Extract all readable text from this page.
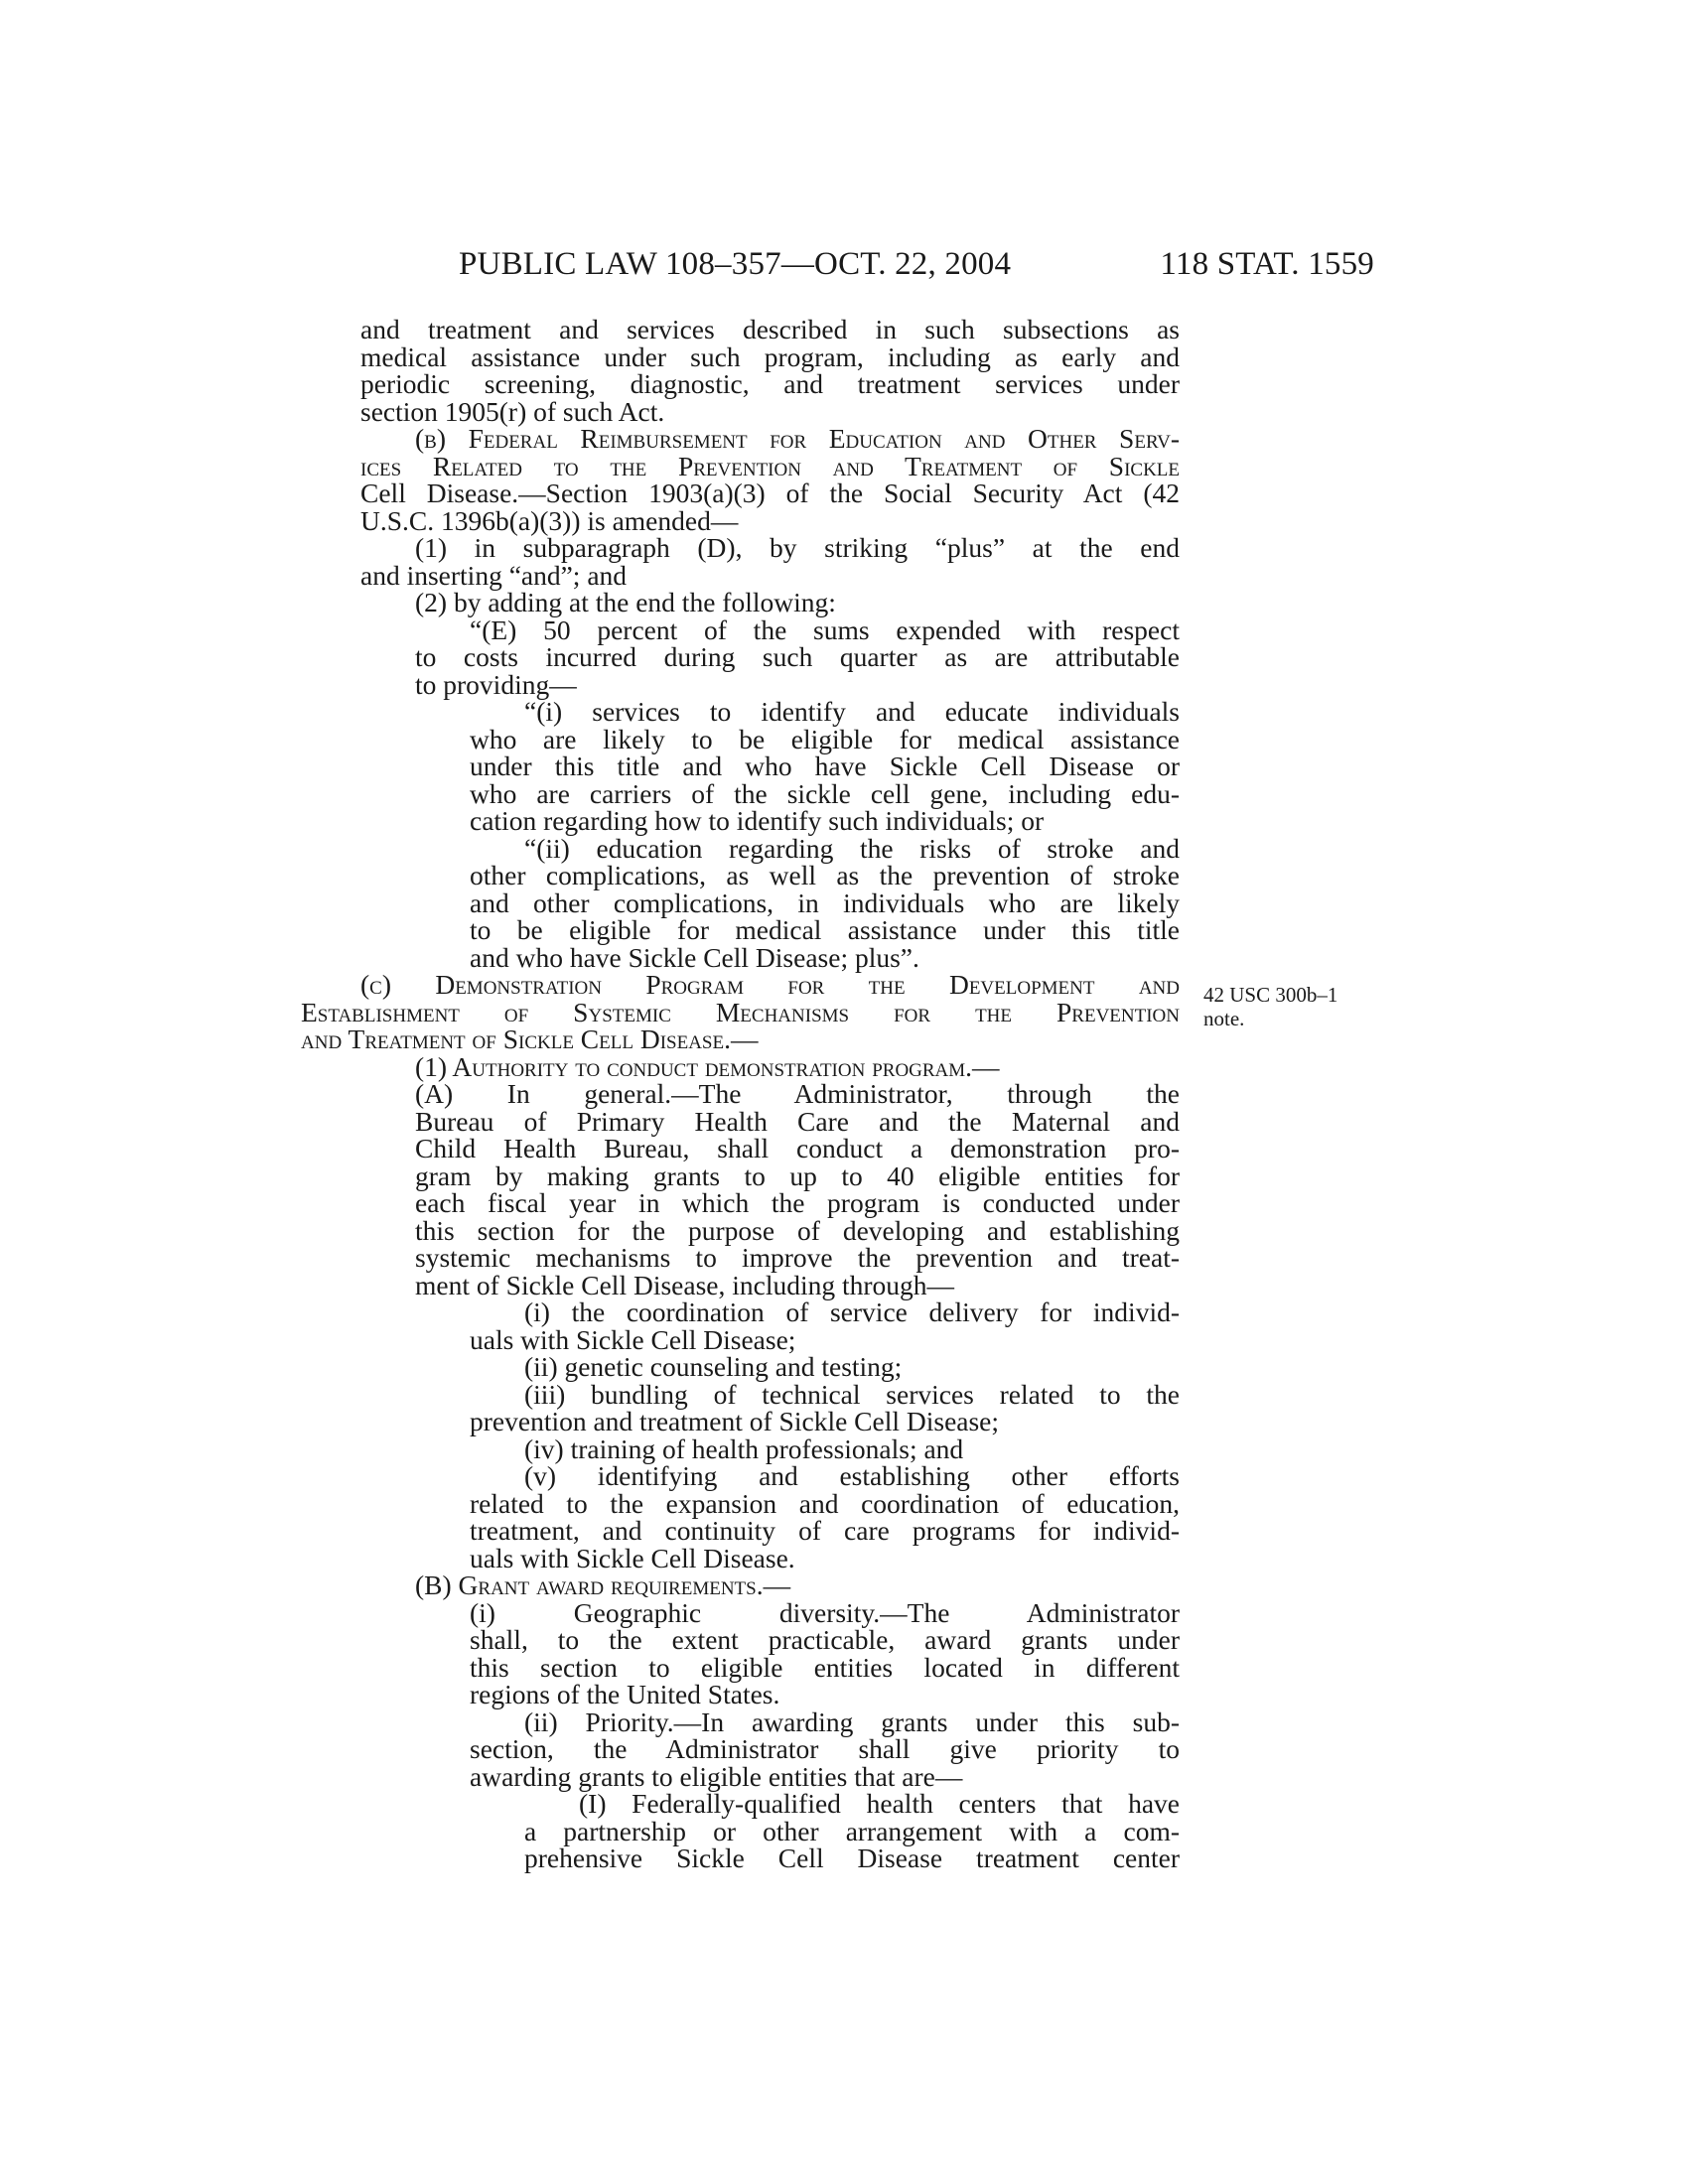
PUBLIC LAW 108–357—OCT. 22, 2004	118 STAT. 1559
and treatment and services described in such subsections as
medical assistance under such program, including as early and
periodic screening, diagnostic, and treatment services under
section 1905(r) of such Act.
(b) Federal Reimbursement for Education and Other Serv-
ices Related to the Prevention and Treatment of Sickle
Cell Disease.—Section 1903(a)(3) of the Social Security Act (42
U.S.C. 1396b(a)(3)) is amended—
(1) in subparagraph (D), by striking “plus” at the end
and inserting “and”; and
(2) by adding at the end the following:
“(E) 50 percent of the sums expended with respect
to costs incurred during such quarter as are attributable
to providing—
“(i) services to identify and educate individuals
who are likely to be eligible for medical assistance
under this title and who have Sickle Cell Disease or
who are carriers of the sickle cell gene, including edu-
cation regarding how to identify such individuals; or
“(ii) education regarding the risks of stroke and
other complications, as well as the prevention of stroke
and other complications, in individuals who are likely
to be eligible for medical assistance under this title
and who have Sickle Cell Disease; plus”.
(c) Demonstration Program for the Development and
Establishment of Systemic Mechanisms for the Prevention
and Treatment of Sickle Cell Disease.—
(1) Authority to conduct demonstration program.—
(A) In general.—The Administrator, through the
Bureau of Primary Health Care and the Maternal and
Child Health Bureau, shall conduct a demonstration pro-
gram by making grants to up to 40 eligible entities for
each fiscal year in which the program is conducted under
this section for the purpose of developing and establishing
systemic mechanisms to improve the prevention and treat-
ment of Sickle Cell Disease, including through—
(i) the coordination of service delivery for individ-
uals with Sickle Cell Disease;
(ii) genetic counseling and testing;
(iii) bundling of technical services related to the
prevention and treatment of Sickle Cell Disease;
(iv) training of health professionals; and
(v) identifying and establishing other efforts
related to the expansion and coordination of education,
treatment, and continuity of care programs for individ-
uals with Sickle Cell Disease.
(B) Grant award requirements.—
(i) Geographic diversity.—The Administrator
shall, to the extent practicable, award grants under
this section to eligible entities located in different
regions of the United States.
(ii) Priority.—In awarding grants under this sub-
section, the Administrator shall give priority to
awarding grants to eligible entities that are—
(I) Federally-qualified health centers that have
a partnership or other arrangement with a com-
prehensive Sickle Cell Disease treatment center
42 USC 300b–1
note.
